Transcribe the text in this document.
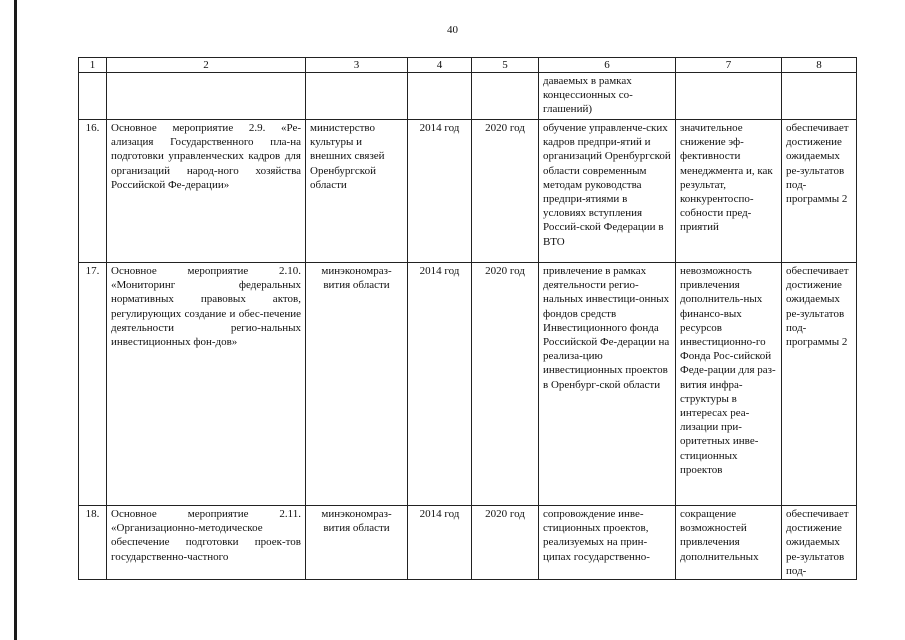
40
1	2	3	4	5	6	7	8
					даваемых в рамках концессионных со-глашений)		
16.	Основное мероприятие 2.9. «Ре-ализация Государственного пла-на подготовки управленческих кадров для организаций народ-ного хозяйства Российской Фе-дерации»	министерство культуры и внешних связей Оренбургской области	2014 год	2020 год	обучение управленче-ских кадров предпри-ятий и организаций Оренбургской области современным методам руководства предпри-ятиями в условиях вступления Россий-ской Федерации в ВТО	значительное снижение эф-фективности менеджмента и, как результат, конкурентоспо-собности пред-приятий	обеспечивает достижение ожидаемых ре-зультатов под-программы 2
17.	Основное мероприятие 2.10. «Мониторинг федеральных нормативных правовых актов, регулирующих создание и обес-печение деятельности регио-нальных инвестиционных фон-дов»	минэкономраз-вития области	2014 год	2020 год	привлечение в рамках деятельности регио-нальных инвестици-онных фондов средств Инвестиционного фонда Российской Фе-дерации на реализа-цию инвестиционных проектов в Оренбург-ской области	невозможность привлечения дополнитель-ных финансо-вых ресурсов инвестиционно-го Фонда Рос-сийской Феде-рации для раз-вития инфра-структуры в интересах реа-лизации при-оритетных инве-стиционных проектов	обеспечивает достижение ожидаемых ре-зультатов под-программы 2
18.	Основное мероприятие 2.11. «Организационно-методическое обеспечение подготовки проек-тов государственно-частного	минэкономраз-вития области	2014 год	2020 год	сопровождение инве-стиционных проектов, реализуемых на прин-ципах государственно-	сокращение возможностей привлечения дополнительных	обеспечивает достижение ожидаемых ре-зультатов под-
